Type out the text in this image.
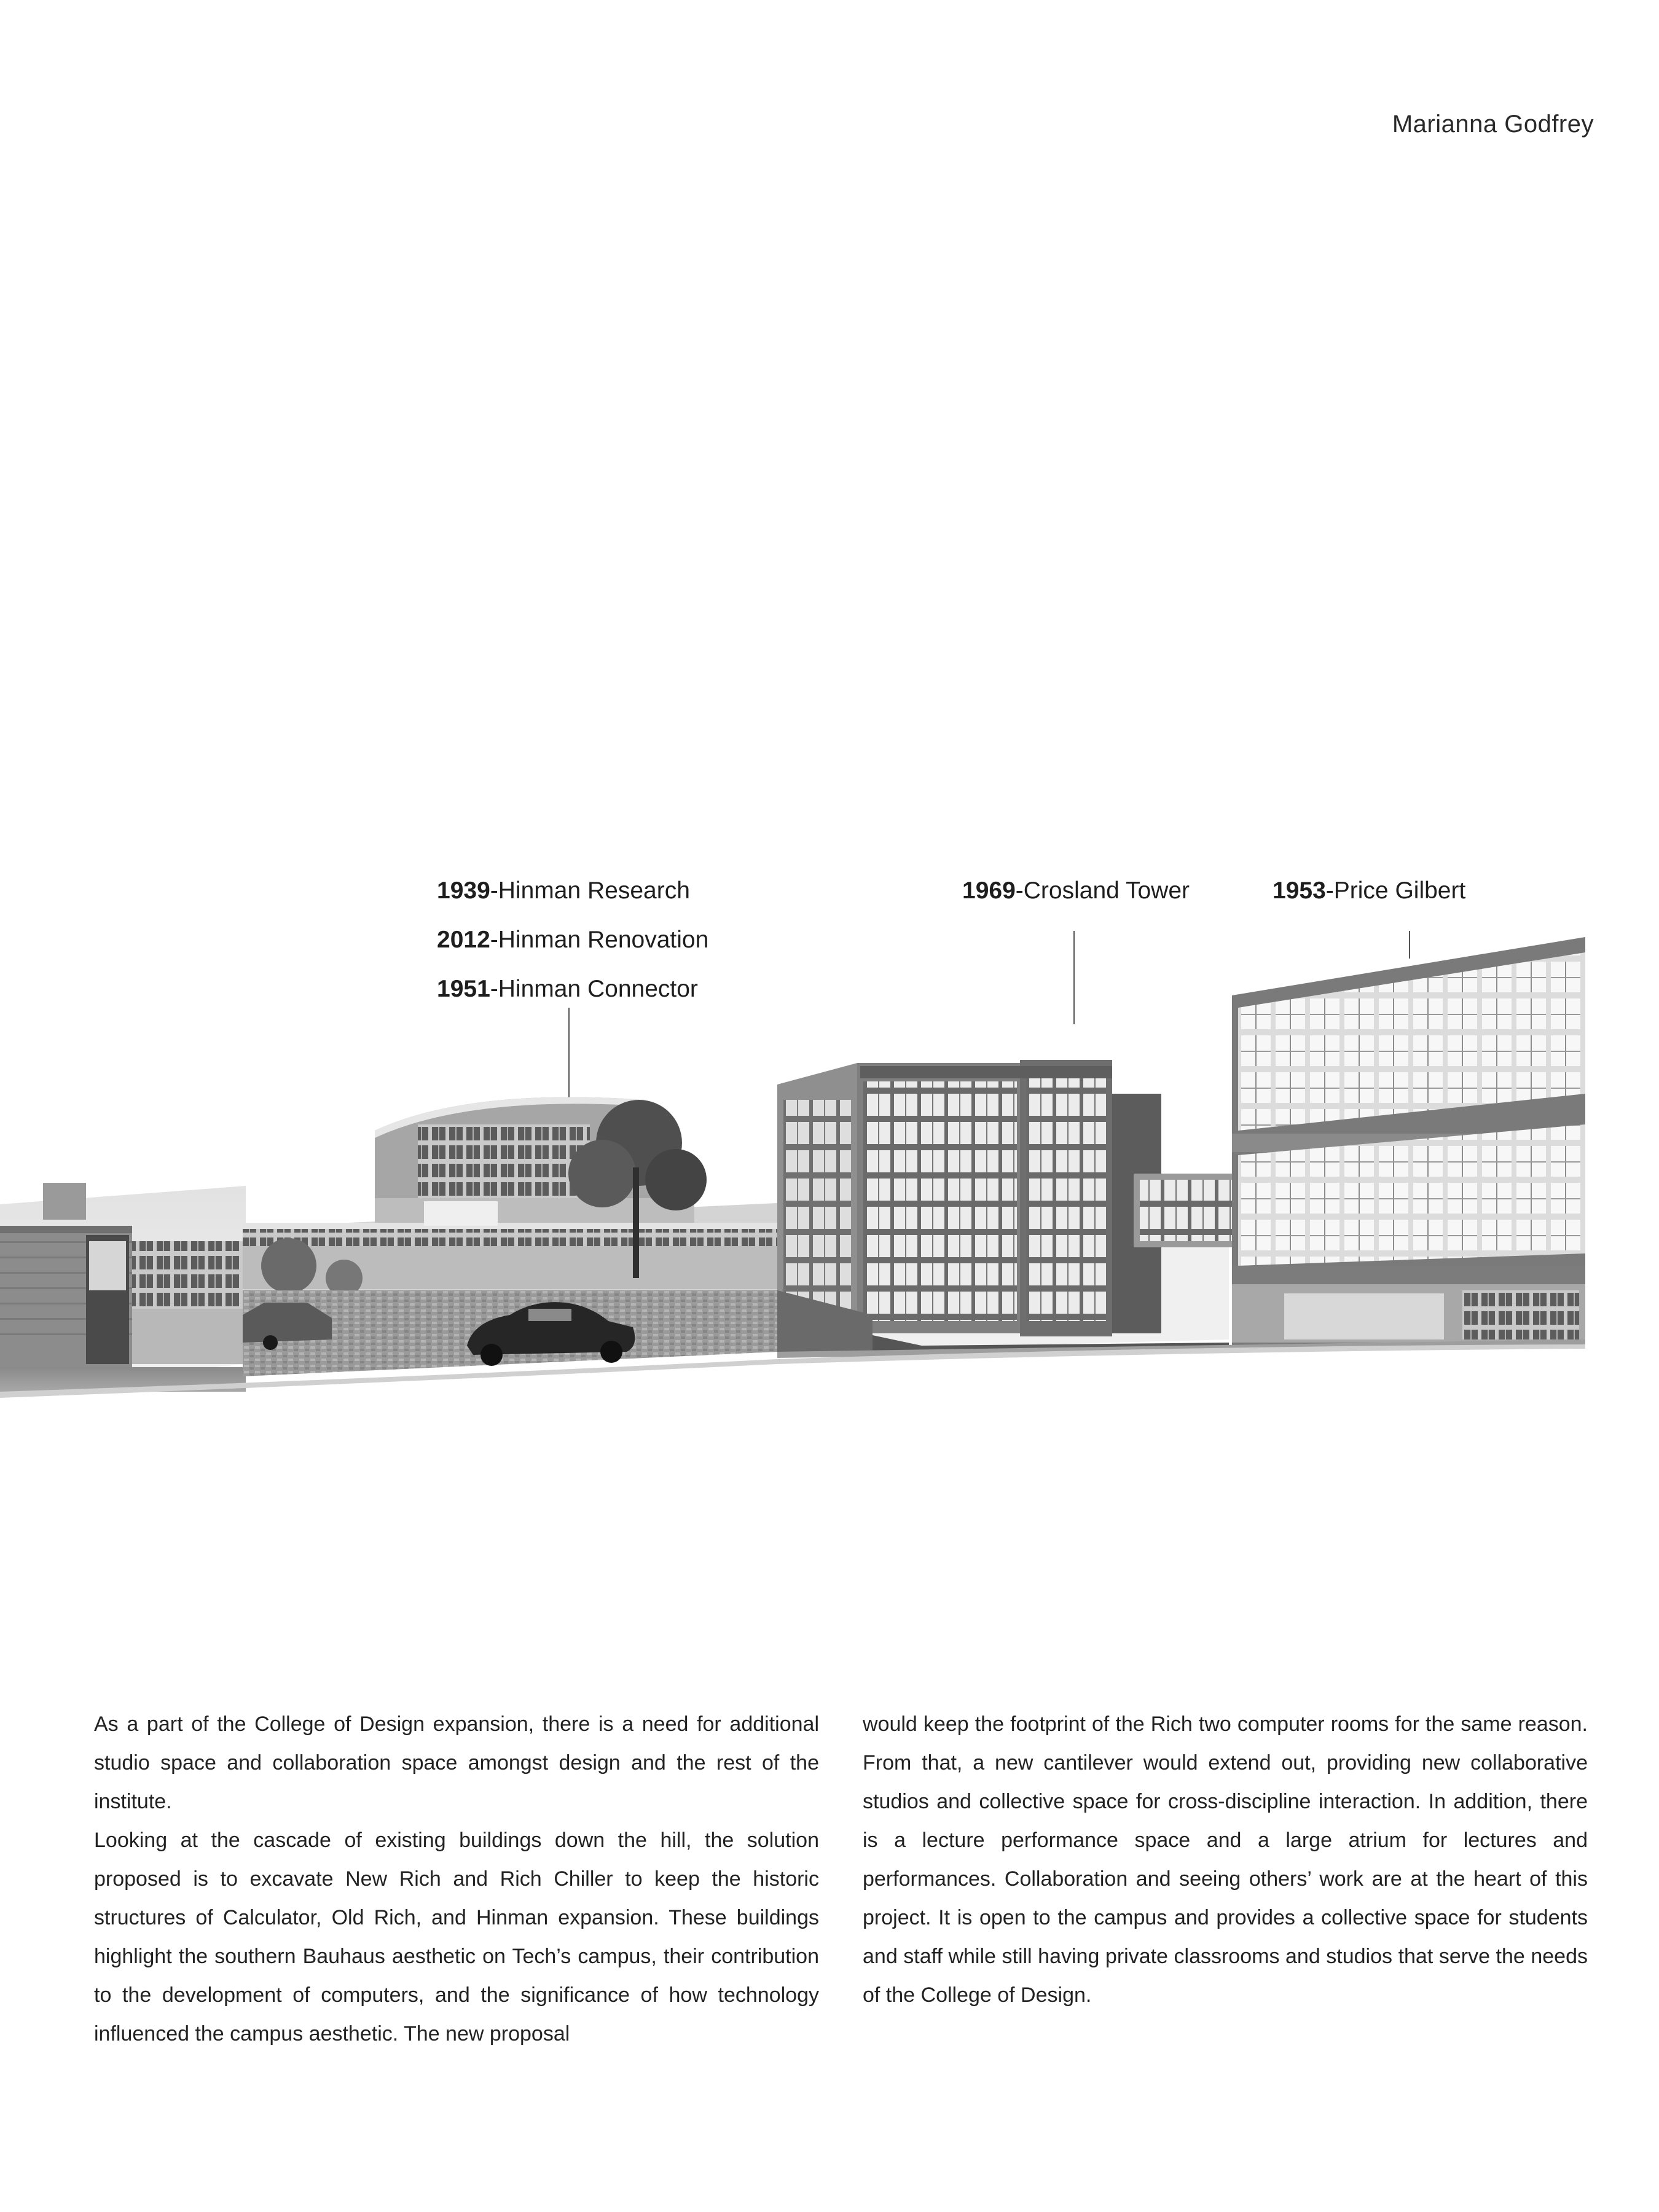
Marianna Godfrey
1939-Hinman Research
2012-Hinman Renovation
1951-Hinman Connector
1969-Crosland Tower	1953-Price Gilbert

As a part of the College of Design expansion, there is a need for additional studio space and collaboration space amongst design and the rest of the institute.

Looking at the cascade of existing buildings down the hill, the solution proposed is to excavate New Rich and Rich Chiller to keep the historic structures of Calculator, Old Rich, and Hinman expansion. These buildings highlight the southern Bauhaus aesthetic on Tech’s campus, their contribution to the development of computers, and the significance of how technology influenced the campus aesthetic. The new proposal

would keep the footprint of the Rich two computer rooms for the same reason. From that, a new cantilever would extend out, providing new collaborative studios and collective space for cross-discipline interaction. In addition, there is a lecture performance space and a large atrium for lectures and performances. Collaboration and seeing others’ work are at the heart of this project. It is open to the campus and provides a collective space for students and staff while still having private classrooms and studios that serve the needs of the College of Design.
